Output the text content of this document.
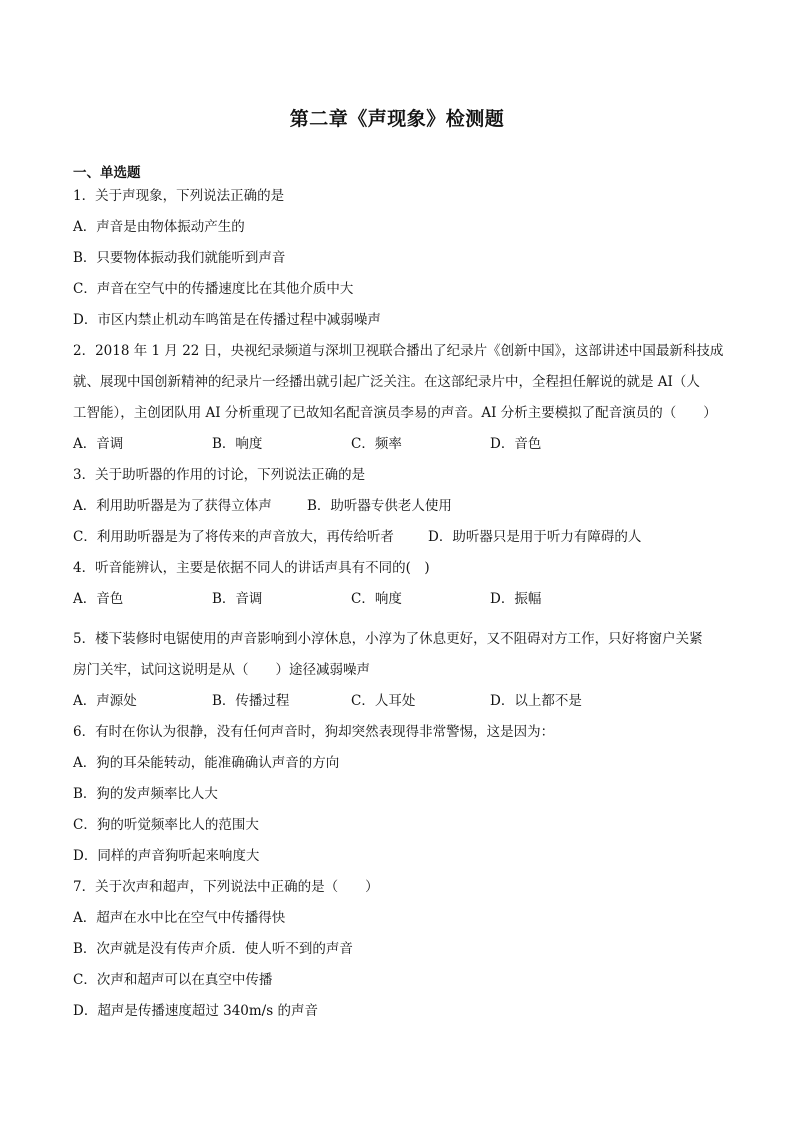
第二章《声现象》检测题
一、单选题
1．关于声现象，下列说法正确的是
A．声音是由物体振动产生的
B．只要物体振动我们就能听到声音
C．声音在空气中的传播速度比在其他介质中大
D．市区内禁止机动车鸣笛是在传播过程中减弱噪声
2．2018 年 1 月 22 日，央视纪录频道与深圳卫视联合播出了纪录片《创新中国》，这部讲述中国最新科技成
就、展现中国创新精神的纪录片一经播出就引起广泛关注。在这部纪录片中，全程担任解说的就是 AI（人
工智能），主创团队用 AI 分析重现了已故知名配音演员李易的声音。AI 分析主要模拟了配音演员的（　　）
A．音调	B．响度	C．频率	D．音色
3．关于助听器的作用的讨论，下列说法正确的是
A．利用助听器是为了获得立体声	B．助听器专供老人使用
C．利用助听器是为了将传来的声音放大，再传给听者	D．助听器只是用于听力有障碍的人
4．听音能辨认，主要是依据不同人的讲话声具有不同的(　)
A．音色	B．音调	C．响度	D．振幅
5．楼下装修时电锯使用的声音影响到小淳休息，小淳为了休息更好，又不阻碍对方工作，只好将窗户关紧
房门关牢，试问这说明是从（　　）途径减弱噪声
A．声源处	B．传播过程	C．人耳处	D．以上都不是
6．有时在你认为很静，没有任何声音时，狗却突然表现得非常警惕，这是因为：
A．狗的耳朵能转动，能准确确认声音的方向
B．狗的发声频率比人大
C．狗的听觉频率比人的范围大
D．同样的声音狗听起来响度大
7．关于次声和超声，下列说法中正确的是（　　）
A．超声在水中比在空气中传播得快
B．次声就是没有传声介质．使人听不到的声音
C．次声和超声可以在真空中传播
D．超声是传播速度超过 340m/s 的声音
